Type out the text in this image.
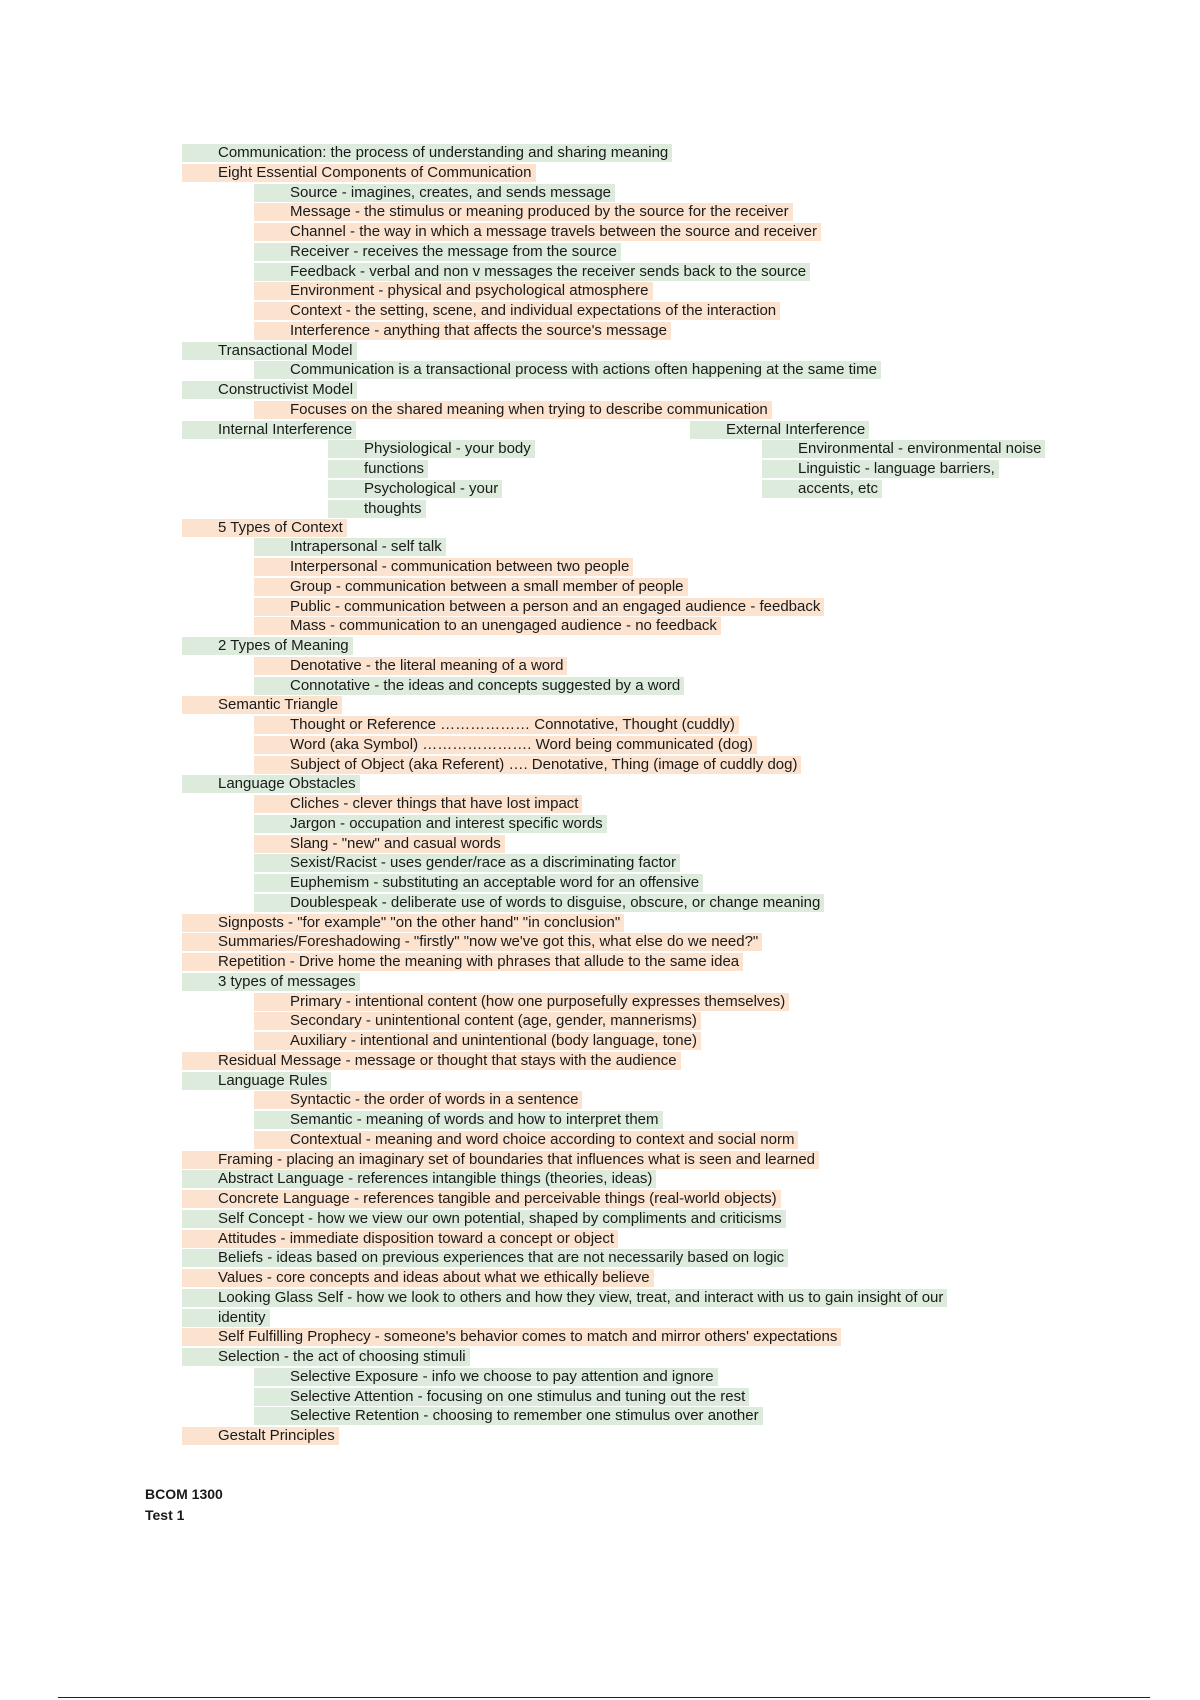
Communication: the process of understanding and sharing meaning
Eight Essential Components of Communication
Source - imagines, creates, and sends message
Message - the stimulus or meaning produced by the source for the receiver
Channel - the way in which a message travels between the source and receiver
Receiver - receives the message from the source
Feedback - verbal and non v messages the receiver sends back to the source
Environment - physical and psychological atmosphere
Context - the setting, scene, and individual expectations of the interaction
Interference - anything that affects the source's message
Transactional Model
Communication is a transactional process with actions often happening at the same time
Constructivist Model
Focuses on the shared meaning when trying to describe communication
Internal Interference
Physiological - your body
functions
Psychological - your
thoughts
External Interference
Environmental - environmental noise
Linguistic - language barriers,
accents, etc
5 Types of Context
Intrapersonal - self talk
Interpersonal - communication between two people
Group - communication between a small member of people
Public - communication between a person and an engaged audience - feedback
Mass - communication to an unengaged audience - no feedback
2 Types of Meaning
Denotative - the literal meaning of a word
Connotative - the ideas and concepts suggested by a word
Semantic Triangle
Thought or Reference ……………… Connotative, Thought (cuddly)
Word (aka Symbol) …………………. Word being communicated (dog)
Subject of Object (aka Referent) …. Denotative, Thing (image of cuddly dog)
Language Obstacles
Cliches - clever things that have lost impact
Jargon - occupation and interest specific words
Slang - "new" and casual words
Sexist/Racist - uses gender/race as a discriminating factor
Euphemism - substituting an acceptable word for an offensive
Doublespeak - deliberate use of words to disguise, obscure, or change meaning
Signposts - "for example" "on the other hand" "in conclusion"
Summaries/Foreshadowing - "firstly" "now we've got this, what else do we need?"
Repetition - Drive home the meaning with phrases that allude to the same idea
3 types of messages
Primary - intentional content (how one purposefully expresses themselves)
Secondary - unintentional content (age, gender, mannerisms)
Auxiliary - intentional and unintentional (body language, tone)
Residual Message - message or thought that stays with the audience
Language Rules
Syntactic - the order of words in a sentence
Semantic - meaning of words and how to interpret them
Contextual - meaning and word choice according to context and social norm
Framing - placing an imaginary set of boundaries that influences what is seen and learned
Abstract Language - references intangible things (theories, ideas)
Concrete Language - references tangible and perceivable things (real-world objects)
Self Concept - how we view our own potential, shaped by compliments and criticisms
Attitudes - immediate disposition toward a concept or object
Beliefs - ideas based on previous experiences that are not necessarily based on logic
Values - core concepts and ideas about what we ethically believe
Looking Glass Self - how we look to others and how they view, treat, and interact with us to gain insight of our
identity
Self Fulfilling Prophecy - someone's behavior comes to match and mirror others' expectations
Selection - the act of choosing stimuli
Selective Exposure - info we choose to pay attention and ignore
Selective Attention - focusing on one stimulus and tuning out the rest
Selective Retention - choosing to remember one stimulus over another
Gestalt Principles
BCOM 1300
Test 1
